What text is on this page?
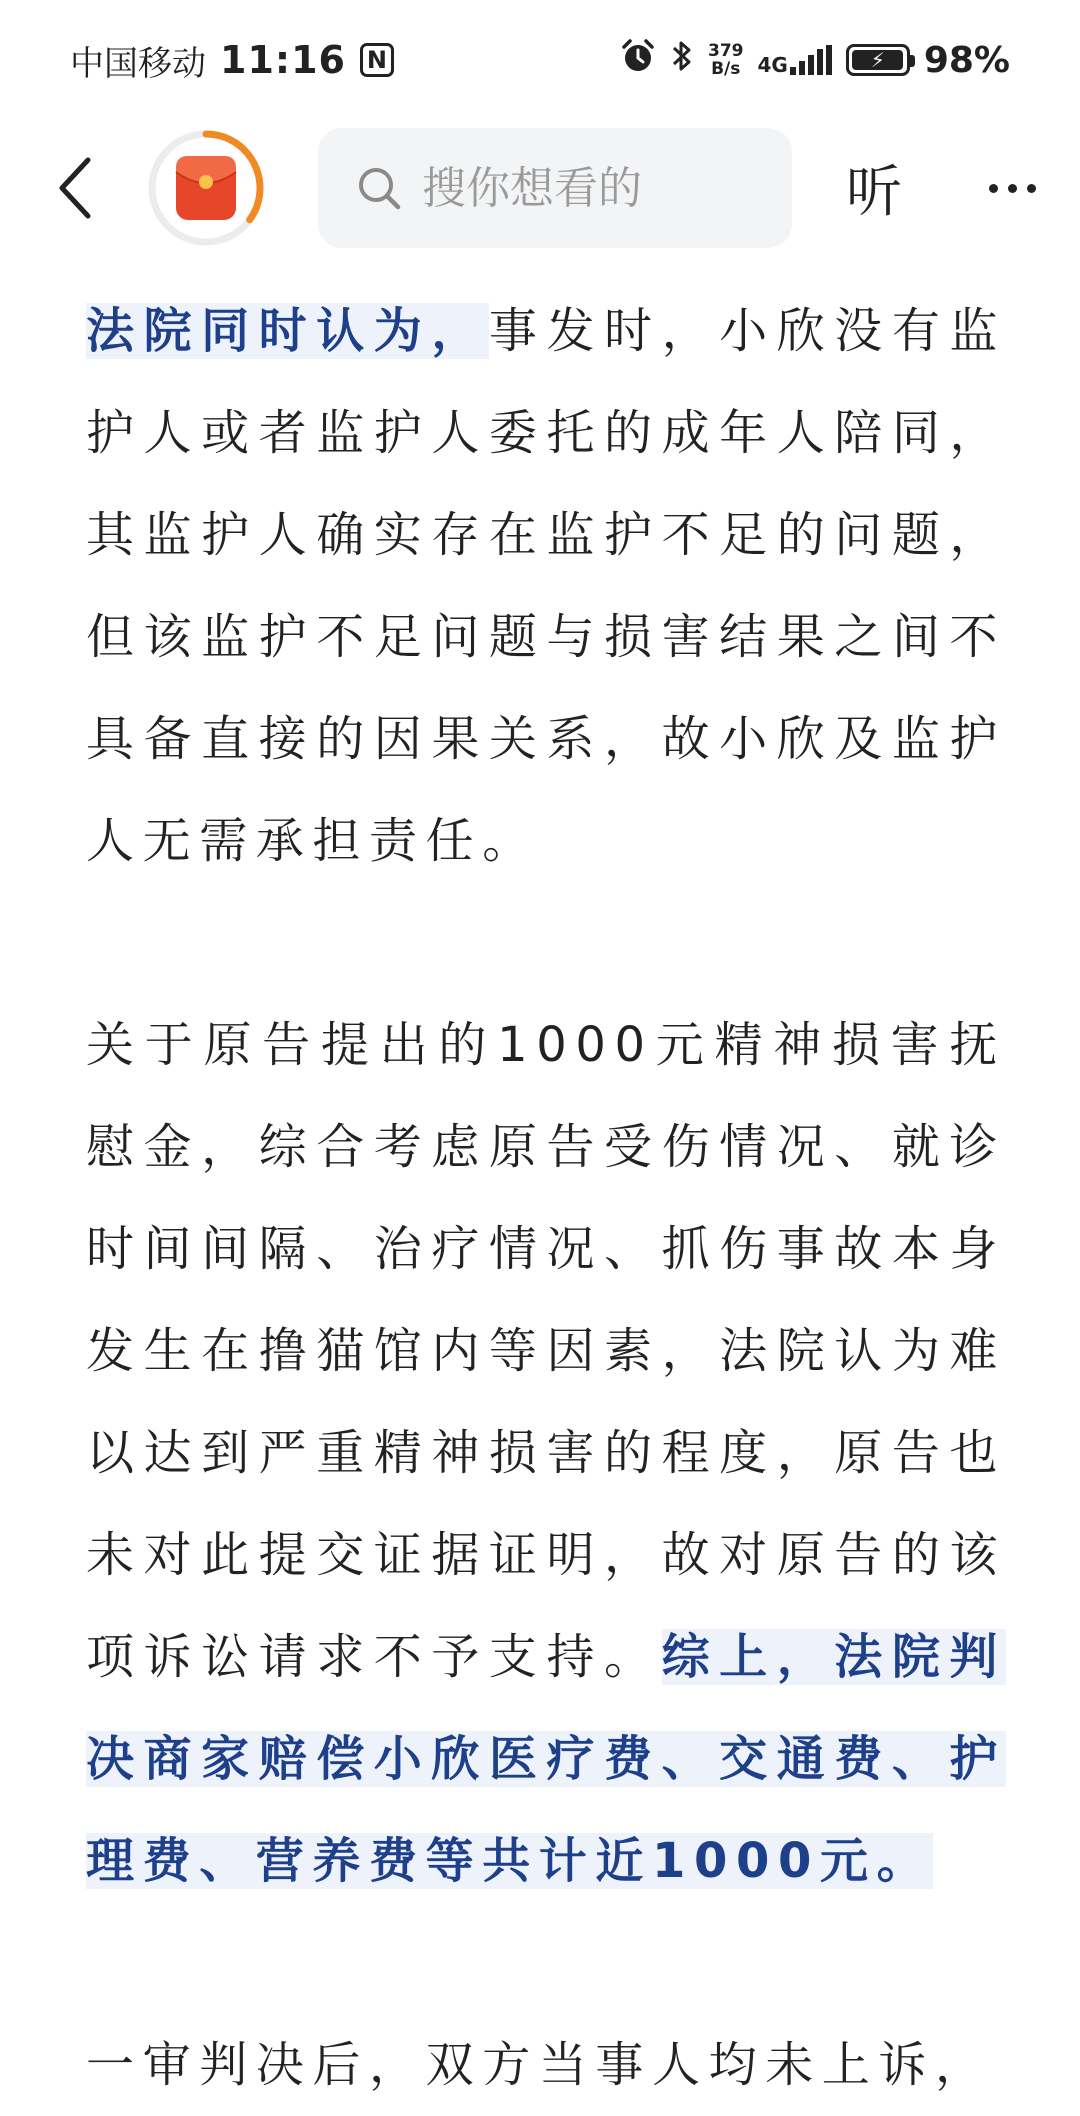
中国移动 11:16 N	379
B/s 4G	⚡ 98%
搜你想看的
听

法院同时认为，事发时，小欣没有监护人或者监护人委托的成年人陪同，其监护人确实存在监护不足的问题，但该监护不足问题与损害结果之间不具备直接的因果关系，故小欣及监护人无需承担责任。

关于原告提出的1000元精神损害抚慰金，综合考虑原告受伤情况、就诊时间间隔、治疗情况、抓伤事故本身发生在撸猫馆内等因素，法院认为难以达到严重精神损害的程度，原告也未对此提交证据证明，故对原告的该项诉讼请求不予支持。综上，法院判决商家赔偿小欣医疗费、交通费、护理费、营养费等共计近1000元。

一审判决后，双方当事人均未上诉，
